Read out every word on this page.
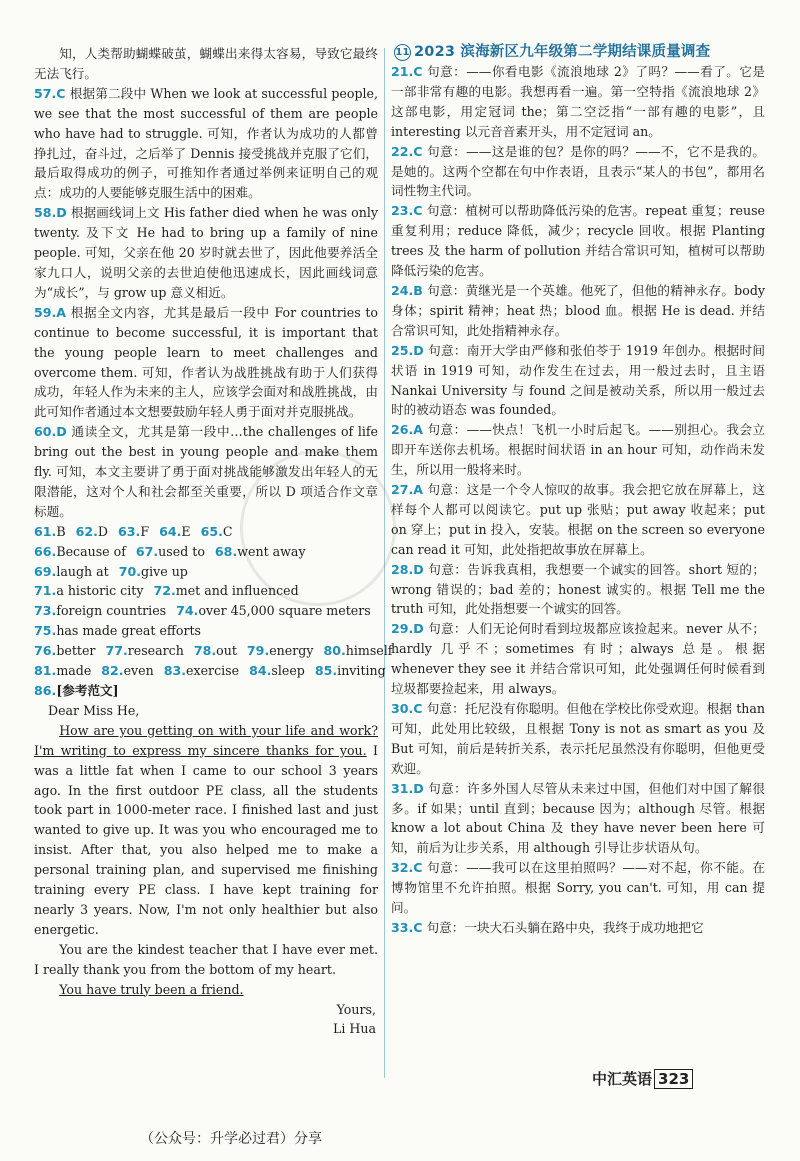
知，人类帮助蝴蝶破茧，蝴蝶出来得太容易，导致它最终无法飞行。

57.C 根据第二段中 When we look at successful people, we see that the most successful of them are people who have had to struggle. 可知，作者认为成功的人都曾挣扎过，奋斗过，之后举了 Dennis 接受挑战并克服了它们，最后取得成功的例子，可推知作者通过举例来证明自己的观点：成功的人要能够克服生活中的困难。

58.D 根据画线词上文 His father died when he was only twenty. 及下文 He had to bring up a family of nine people. 可知，父亲在他 20 岁时就去世了，因此他要养活全家九口人，说明父亲的去世迫使他迅速成长，因此画线词意为“成长”，与 grow up 意义相近。

59.A 根据全文内容，尤其是最后一段中 For countries to continue to become successful, it is important that the young people learn to meet challenges and overcome them. 可知，作者认为战胜挑战有助于人们获得成功，年轻人作为未来的主人，应该学会面对和战胜挑战，由此可知作者通过本文想要鼓励年轻人勇于面对并克服挑战。

60.D 通读全文，尤其是第一段中…the challenges of life bring out the best in young people and make them fly. 可知，本文主要讲了勇于面对挑战能够激发出年轻人的无限潜能，这对个人和社会都至关重要，所以 D 项适合作文章标题。

61.B 62.D 63.F 64.E 65.C
66.Because of 67.used to 68.went away
69.laugh at 70.give up
71.a historic city 72.met and influenced
73.foreign countries 74.over 45,000 square meters
75.has made great efforts
76.better 77.research 78.out 79.energy 80.himself
81.made 82.even 83.exercise 84.sleep 85.inviting
86.[参考范文]
Dear Miss He,

How are you getting on with your life and work? I'm writing to express my sincere thanks for you. I was a little fat when I came to our school 3 years ago. In the first outdoor PE class, all the students took part in 1000-meter race. I finished last and just wanted to give up. It was you who encouraged me to insist. After that, you also helped me to make a personal training plan, and supervised me finishing training every PE class. I have kept training for nearly 3 years. Now, I'm not only healthier but also energetic.

You are the kindest teacher that I have ever met. I really thank you from the bottom of my heart.

You have truly been a friend.

Yours,
Li Hua
11 2023 滨海新区九年级第二学期结课质量调查

21.C 句意：——你看电影《流浪地球 2》了吗？——看了。它是一部非常有趣的电影。我想再看一遍。第一空特指《流浪地球 2》这部电影，用定冠词 the；第二空泛指“一部有趣的电影”，且 interesting 以元音音素开头，用不定冠词 an。

22.C 句意：——这是谁的包？是你的吗？——不，它不是我的。是她的。这两个空都在句中作表语，且表示“某人的书包”，都用名词性物主代词。

23.C 句意：植树可以帮助降低污染的危害。repeat 重复；reuse 重复利用；reduce 降低，减少；recycle 回收。根据 Planting trees 及 the harm of pollution 并结合常识可知，植树可以帮助降低污染的危害。

24.B 句意：黄继光是一个英雄。他死了，但他的精神永存。body 身体；spirit 精神；heat 热；blood 血。根据 He is dead. 并结合常识可知，此处指精神永存。

25.D 句意：南开大学由严修和张伯苓于 1919 年创办。根据时间状语 in 1919 可知，动作发生在过去，用一般过去时，且主语 Nankai University 与 found 之间是被动关系，所以用一般过去时的被动语态 was founded。

26.A 句意：——快点！飞机一小时后起飞。——别担心。我会立即开车送你去机场。根据时间状语 in an hour 可知，动作尚未发生，所以用一般将来时。

27.A 句意：这是一个令人惊叹的故事。我会把它放在屏幕上，这样每个人都可以阅读它。put up 张贴；put away 收起来；put on 穿上；put in 投入，安装。根据 on the screen so everyone can read it 可知，此处指把故事放在屏幕上。

28.D 句意：告诉我真相，我想要一个诚实的回答。short 短的；wrong 错误的；bad 差的；honest 诚实的。根据 Tell me the truth 可知，此处指想要一个诚实的回答。

29.D 句意：人们无论何时看到垃圾都应该捡起来。never 从不；hardly 几乎不；sometimes 有时；always 总是。根据 whenever they see it 并结合常识可知，此处强调任何时候看到垃圾都要捡起来，用 always。

30.C 句意：托尼没有你聪明。但他在学校比你受欢迎。根据 than 可知，此处用比较级，且根据 Tony is not as smart as you 及 But 可知，前后是转折关系，表示托尼虽然没有你聪明，但他更受欢迎。

31.D 句意：许多外国人尽管从未来过中国，但他们对中国了解很多。if 如果；until 直到；because 因为；although 尽管。根据 know a lot about China 及 they have never been here 可知，前后为让步关系，用 although 引导让步状语从句。

32.C 句意：——我可以在这里拍照吗？——对不起，你不能。在博物馆里不允许拍照。根据 Sorry, you can't. 可知，用 can 提问。

33.C 句意：一块大石头躺在路中央，我终于成功地把它

中汇英语 323
（公众号：升学必过君）分享
